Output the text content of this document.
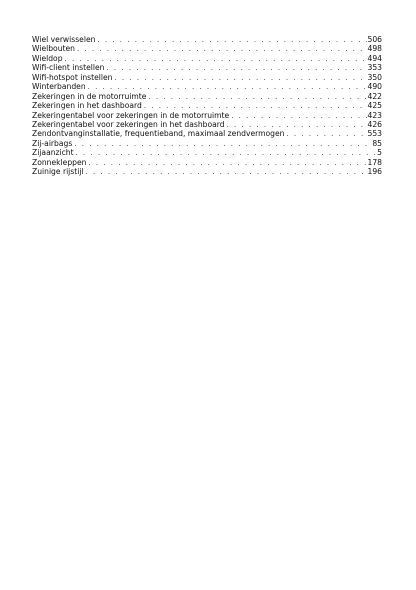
Wiel verwisselen . . .	506
Wielbouten . . .	498
Wieldop . . .	494
Wifi-client instellen . . .	353
Wifi-hotspot instellen . . .	350
Winterbanden . . .	490
Zekeringen in de motorruimte . . .	422
Zekeringen in het dashboard . . .	425
Zekeringentabel voor zekeringen in de motorruimte . . .	423
Zekeringentabel voor zekeringen in het dashboard . . .	426
Zendontvanginstallatie, frequentieband, maximaal zendvermogen . . .	553
Zij-airbags . . .	85
Zijaanzicht . . .	5
Zonnekleppen . . .	178
Zuinige rijstijl . . .	196
